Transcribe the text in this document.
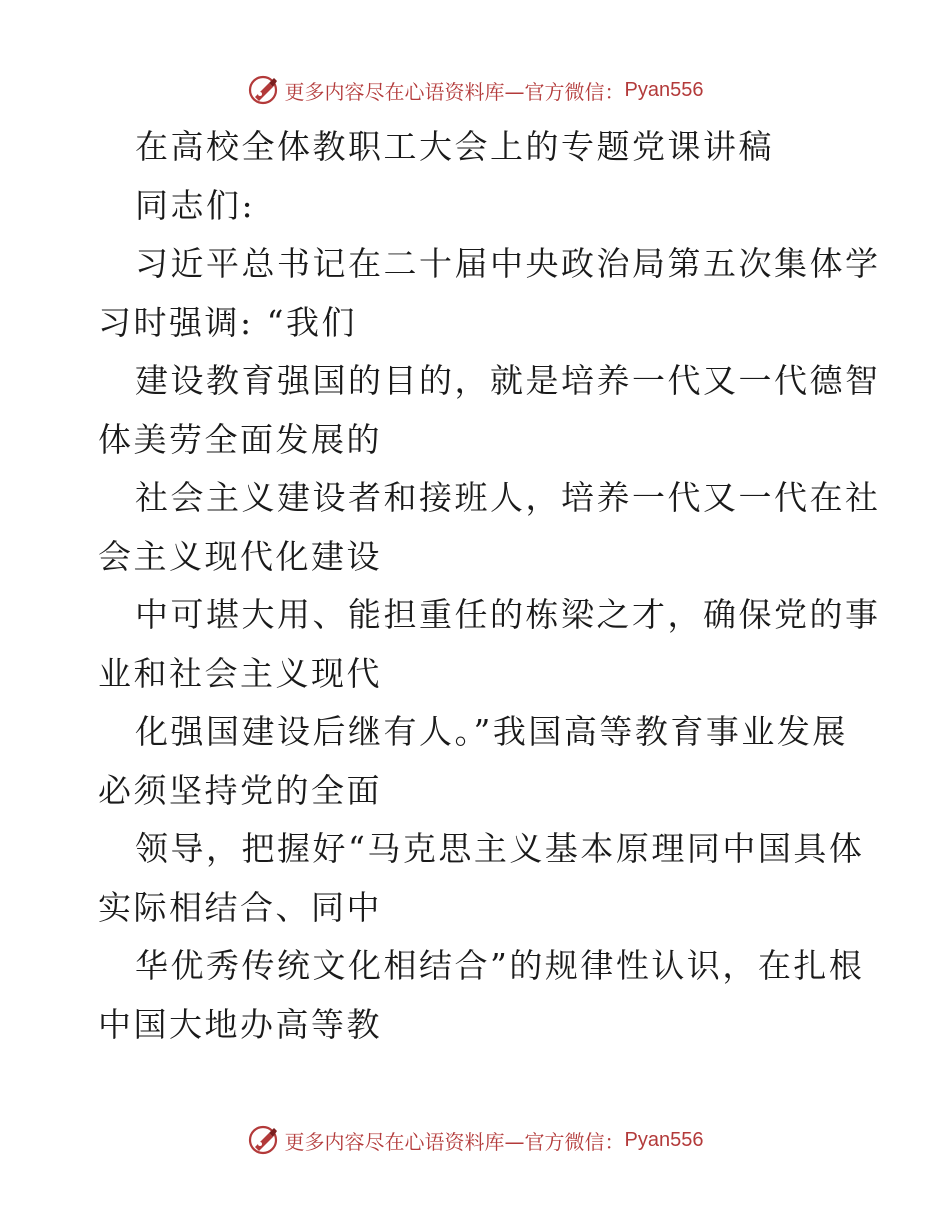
更多内容尽在心语资料库—官方微信： Pyan556
在高校全体教职工大会上的专题党课讲稿
同志们:
习近平总书记在二十届中央政治局第五次集体学
习时强调: “我们
建设教育强国的目的，就是培养一代又一代德智
体美劳全面发展的
社会主义建设者和接班人，培养一代又一代在社
会主义现代化建设
中可堪大用、能担重任的栋梁之才，确保党的事
业和社会主义现代
化强国建设后继有人。”我国高等教育事业发展
必须坚持党的全面
领导，把握好“马克思主义基本原理同中国具体
实际相结合、同中
华优秀传统文化相结合”的规律性认识，在扎根
中国大地办高等教
更多内容尽在心语资料库—官方微信： Pyan556
